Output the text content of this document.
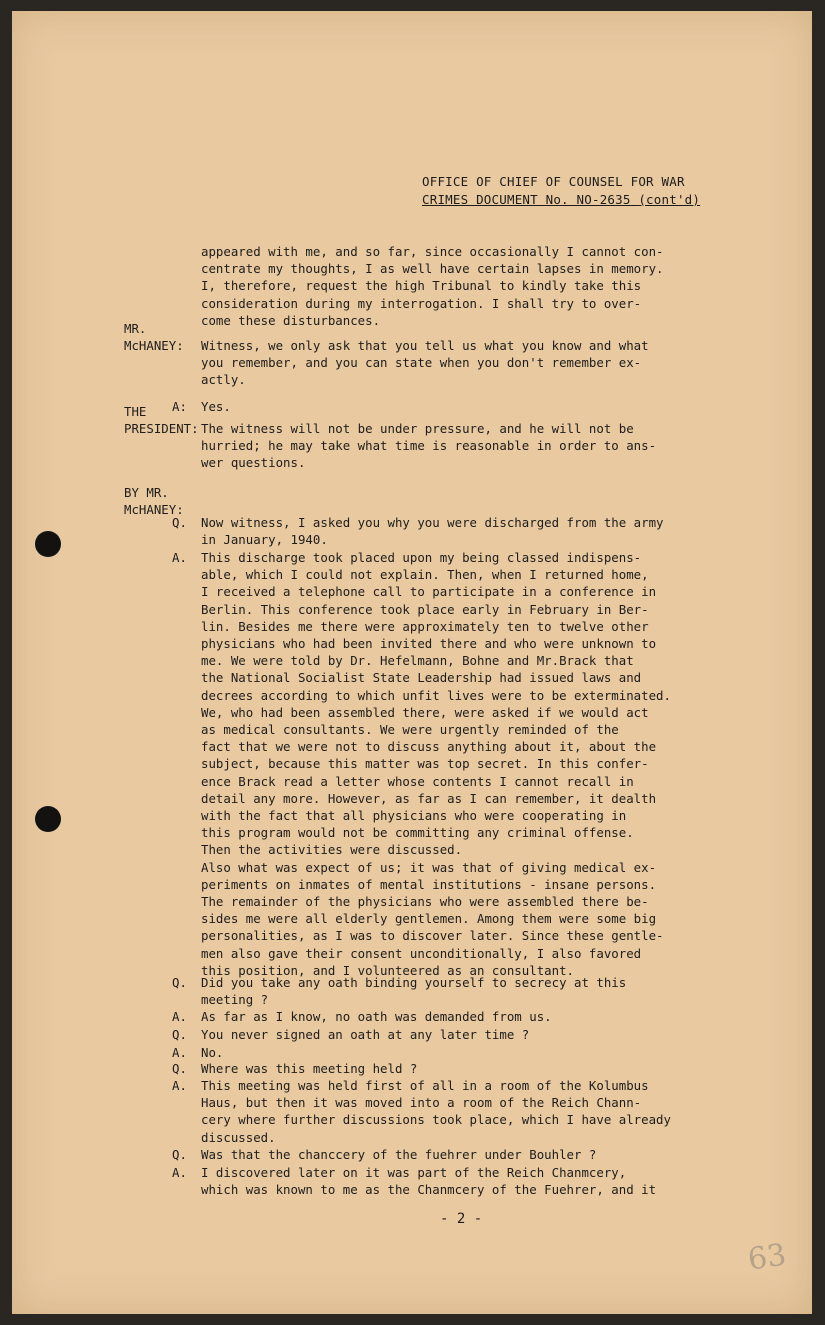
OFFICE OF CHIEF OF COUNSEL FOR WAR
CRIMES DOCUMENT No. NO-2635 (cont'd)
appeared with me, and so far, since occasionally I cannot con-
centrate my thoughts, I as well have certain lapses in memory.
I, therefore, request the high Tribunal to kindly take this
consideration during my interrogation. I shall try to over-
come these disturbances.
MR.
McHANEY: Witness, we only ask that you tell us what you know and what
you remember, and you can state when you don't remember ex-
actly.
A: Yes.
THE
PRESIDENT: The witness will not be under pressure, and he will not be
hurried; he may take what time is reasonable in order to ans-
wer questions.
BY MR.
McHANEY:
Q. Now witness, I asked you why you were discharged from the army
in January, 1940.
A. This discharge took placed upon my being classed indispens-
able, which I could not explain. Then, when I returned home,
I received a telephone call to participate in a conference in
Berlin. This conference took place early in February in Ber-
lin. Besides me there were approximately ten to twelve other
physicians who had been invited there and who were unknown to
me. We were told by Dr. Hefelmann, Bohne and Mr.Brack that
the National Socialist State Leadership had issued laws and
decrees according to which unfit lives were to be exterminated.
We, who had been assembled there, were asked if we would act
as medical consultants. We were urgently reminded of the
fact that we were not to discuss anything about it, about the
subject, because this matter was top secret. In this confer-
ence Brack read a letter whose contents I cannot recall in
detail any more. However, as far as I can remember, it dealth
with the fact that all physicians who were cooperating in
this program would not be committing any criminal offense.
Then the activities were discussed.
Also what was expect of us; it was that of giving medical ex-
periments on inmates of mental institutions - insane persons.
The remainder of the physicians who were assembled there be-
sides me were all elderly gentlemen. Among them were some big
personalities, as I was to discover later. Since these gentle-
men also gave their consent unconditionally, I also favored
this position, and I volunteered as an consultant.
Q. Did you take any oath binding yourself to secrecy at this
meeting ?
A. As far as I know, no oath was demanded from us.
Q. You never signed an oath at any later time ?
A. No.
Q. Where was this meeting held ?
A. This meeting was held first of all in a room of the Kolumbus
Haus, but then it was moved into a room of the Reich Chann-
cery where further discussions took place, which I have already
discussed.
Q. Was that the chanccery of the fuehrer under Bouhler ?
A. I discovered later on it was part of the Reich Chanmcery,
which was known to me as the Chanmcery of the Fuehrer, and it
- 2 -
63
